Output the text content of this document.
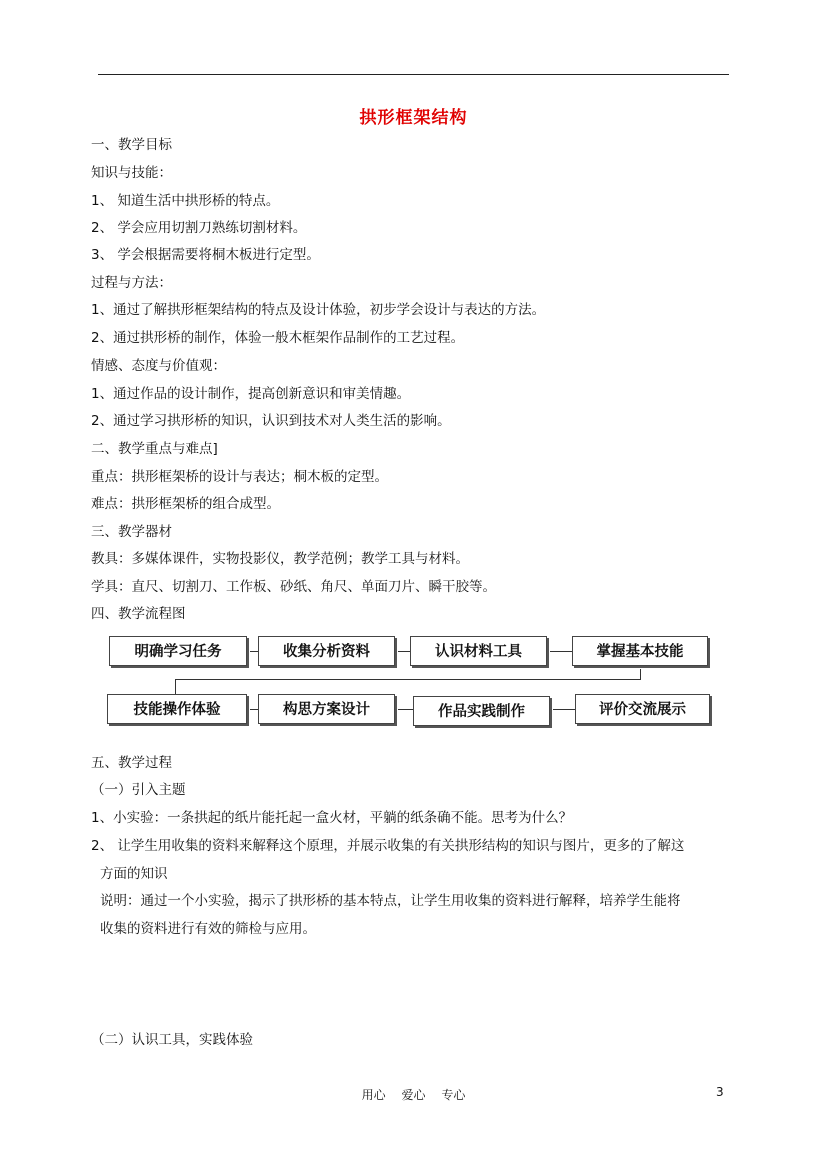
拱形框架结构
一、教学目标
知识与技能：
1、 知道生活中拱形桥的特点。
2、 学会应用切割刀熟练切割材料。
3、 学会根据需要将桐木板进行定型。
过程与方法：
1、通过了解拱形框架结构的特点及设计体验，初步学会设计与表达的方法。
2、通过拱形桥的制作，体验一般木框架作品制作的工艺过程。
情感、态度与价值观：
1、通过作品的设计制作，提高创新意识和审美情趣。
2、通过学习拱形桥的知识，认识到技术对人类生活的影响。
二、教学重点与难点]
重点：拱形框架桥的设计与表达；桐木板的定型。
难点：拱形框架桥的组合成型。
三、教学器材
教具：多媒体课件，实物投影仪，教学范例；教学工具与材料。
学具：直尺、切割刀、工作板、砂纸、角尺、单面刀片、瞬干胶等。
四、教学流程图
明确学习任务	收集分析资料	认识材料工具	掌握基本技能
技能操作体验	构思方案设计	作品实践制作	评价交流展示
五、教学过程
（一）引入主题
1、小实验：一条拱起的纸片能托起一盒火材，平躺的纸条确不能。思考为什么？
2、 让学生用收集的资料来解释这个原理，并展示收集的有关拱形结构的知识与图片，更多的了解这
方面的知识
说明：通过一个小实验，揭示了拱形桥的基本特点，让学生用收集的资料进行解释，培养学生能将
收集的资料进行有效的筛检与应用。
（二）认识工具，实践体验
用心 爱心 专心	3
